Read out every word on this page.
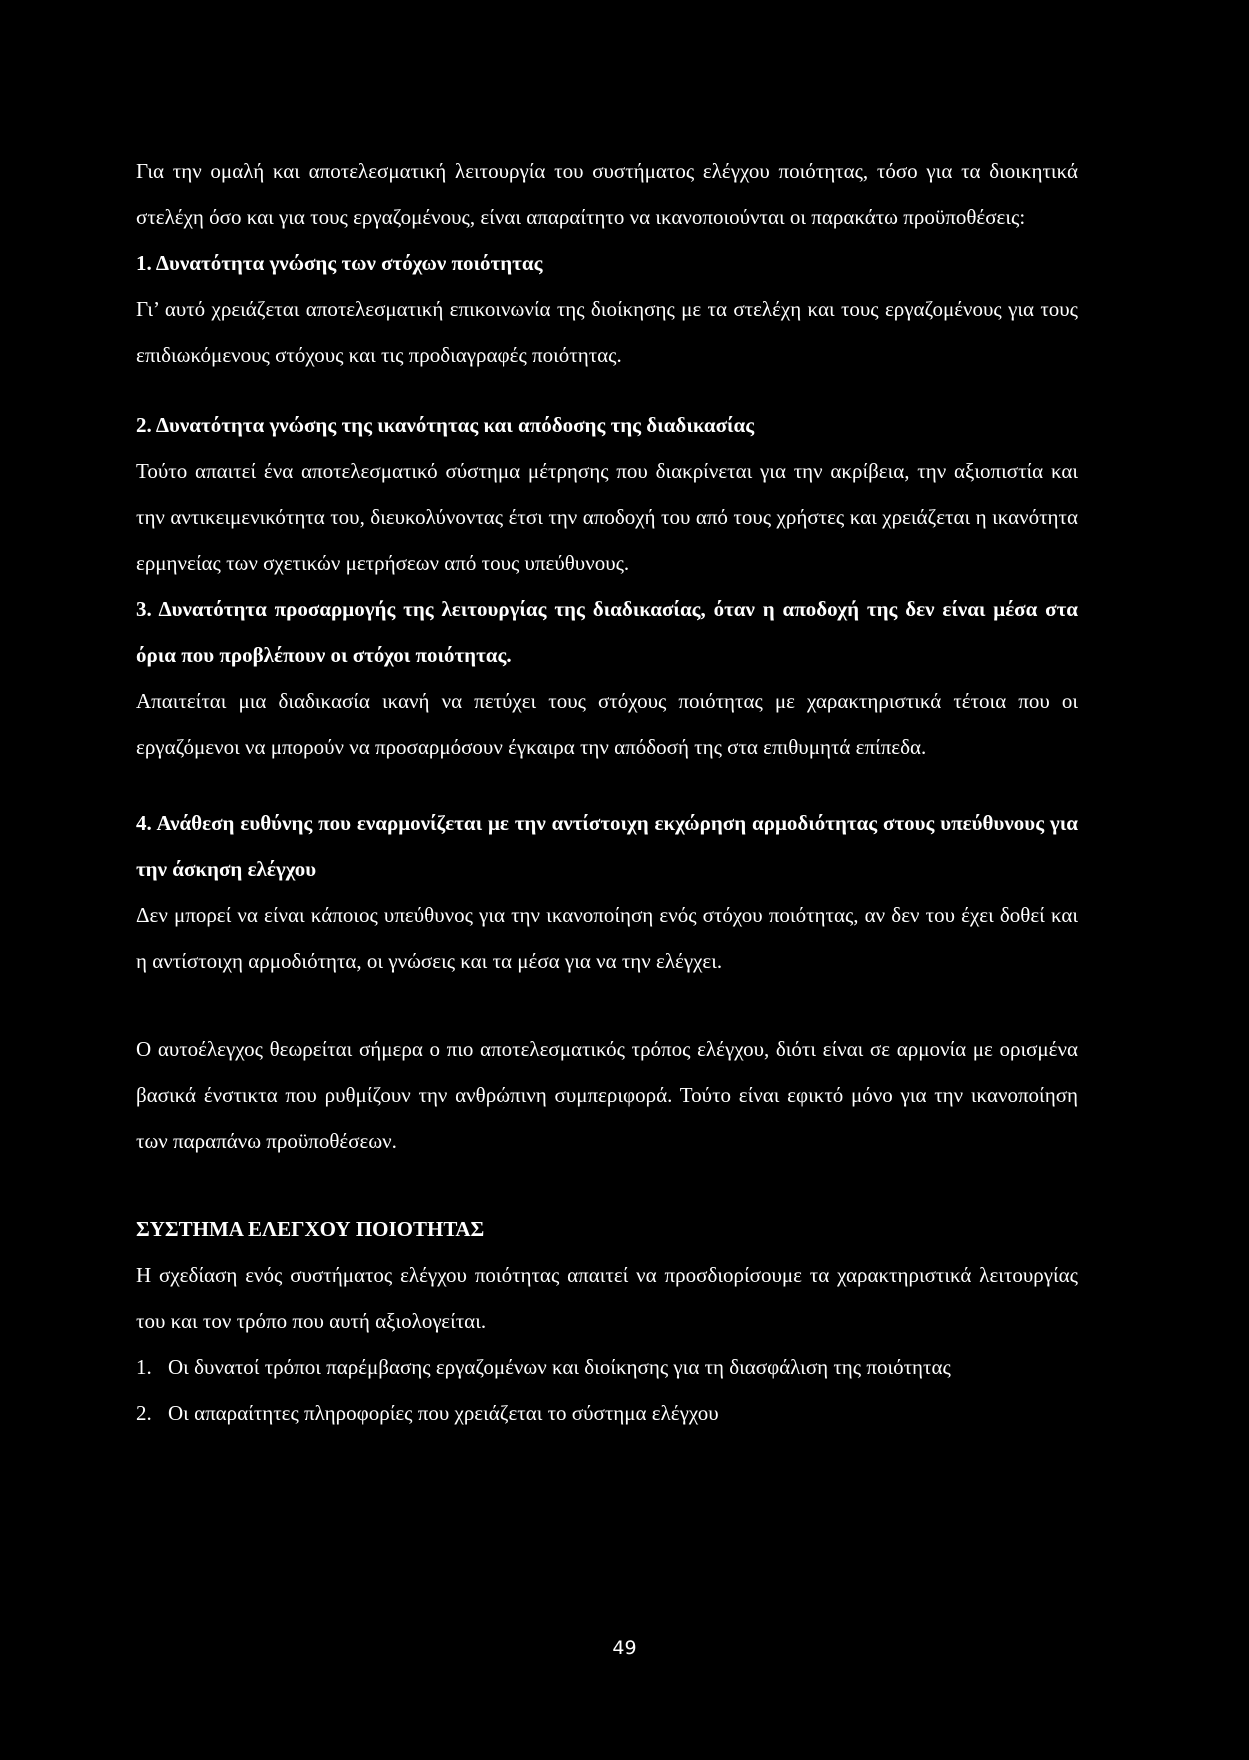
Για την ομαλή και αποτελεσματική λειτουργία του συστήματος ελέγχου ποιότητας, τόσο για τα διοικητικά στελέχη όσο και για τους εργαζομένους, είναι απαραίτητο να ικανοποιούνται οι παρακάτω προϋποθέσεις:

1. Δυνατότητα γνώσης των στόχων ποιότητας

Γι’ αυτό χρειάζεται αποτελεσματική επικοινωνία της διοίκησης με τα στελέχη και τους εργαζομένους για τους επιδιωκόμενους στόχους και τις προδιαγραφές ποιότητας.

2. Δυνατότητα γνώσης της ικανότητας και απόδοσης της διαδικασίας

Τούτο απαιτεί ένα αποτελεσματικό σύστημα μέτρησης που διακρίνεται για την ακρίβεια, την αξιοπιστία και την αντικειμενικότητα του, διευκολύνοντας έτσι την αποδοχή του από τους χρήστες και χρειάζεται η ικανότητα ερμηνείας των σχετικών μετρήσεων από τους υπεύθυνους.

3. Δυνατότητα προσαρμογής της λειτουργίας της διαδικασίας, όταν η αποδοχή της δεν είναι μέσα στα όρια που προβλέπουν οι στόχοι ποιότητας.

Απαιτείται μια διαδικασία ικανή να πετύχει τους στόχους ποιότητας με χαρακτηριστικά τέτοια που οι εργαζόμενοι να μπορούν να προσαρμόσουν έγκαιρα την απόδοσή της στα επιθυμητά επίπεδα.

4. Ανάθεση ευθύνης που εναρμονίζεται με την αντίστοιχη εκχώρηση αρμοδιότητας στους υπεύθυνους για την άσκηση ελέγχου

Δεν μπορεί να είναι κάποιος υπεύθυνος για την ικανοποίηση ενός στόχου ποιότητας, αν δεν του έχει δοθεί και η αντίστοιχη αρμοδιότητα, οι γνώσεις και τα μέσα για να την ελέγχει.

Ο αυτοέλεγχος θεωρείται σήμερα ο πιο αποτελεσματικός τρόπος ελέγχου, διότι είναι σε αρμονία με ορισμένα βασικά ένστικτα που ρυθμίζουν την ανθρώπινη συμπεριφορά. Τούτο είναι εφικτό μόνο για την ικανοποίηση των παραπάνω προϋποθέσεων.

ΣΥΣΤΗΜΑ ΕΛΕΓΧΟΥ ΠΟΙΟΤΗΤΑΣ

Η σχεδίαση ενός συστήματος ελέγχου ποιότητας απαιτεί να προσδιορίσουμε τα χαρακτηριστικά λειτουργίας του και τον τρόπο που αυτή αξιολογείται.

1. Οι δυνατοί τρόποι παρέμβασης εργαζομένων και διοίκησης για τη διασφάλιση της ποιότητας
2. Οι απαραίτητες πληροφορίες που χρειάζεται το σύστημα ελέγχου
49
